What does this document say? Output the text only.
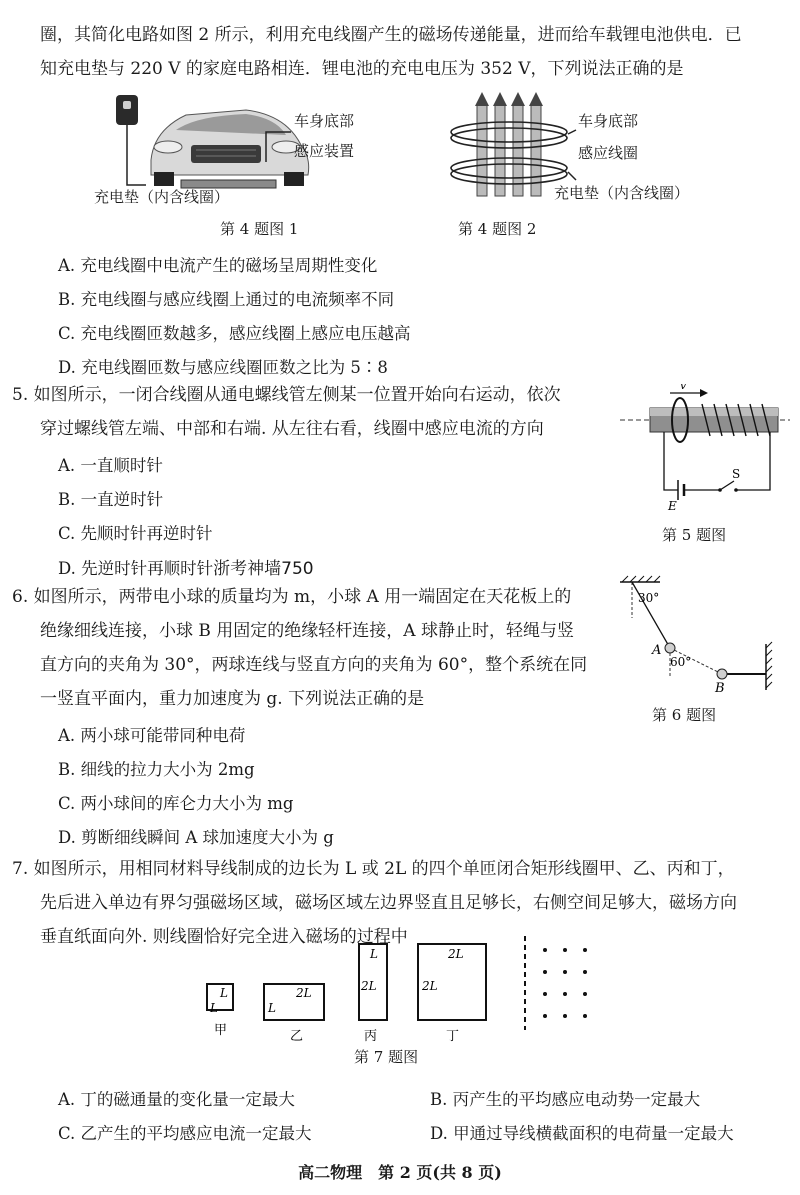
圈，其简化电路如图 2 所示，利用充电线圈产生的磁场传递能量，进而给车载锂电池供电．已
知充电垫与 220 V 的家庭电路相连．锂电池的充电电压为 352 V，下列说法正确的是
车身底部
感应装置
充电垫（内含线圈）
第 4 题图 1
车身底部
感应线圈
充电垫（内含线圈）
第 4 题图 2
A. 充电线圈中电流产生的磁场呈周期性变化
B. 充电线圈与感应线圈上通过的电流频率不同
C. 充电线圈匝数越多，感应线圈上感应电压越高
D. 充电线圈匝数与感应线圈匝数之比为 5∶8
5. 如图所示，一闭合线圈从通电螺线管左侧某一位置开始向右运动，依次
穿过螺线管左端、中部和右端. 从左往右看，线圈中感应电流的方向
A. 一直顺时针
B. 一直逆时针
C. 先顺时针再逆时针
D. 先逆时针再顺时针浙考神墙750
v
E
S
第 5 题图
6. 如图所示，两带电小球的质量均为 m，小球 A 用一端固定在天花板上的
绝缘细线连接，小球 B 用固定的绝缘轻杆连接，A 球静止时，轻绳与竖
直方向的夹角为 30°，两球连线与竖直方向的夹角为 60°，整个系统在同
一竖直平面内，重力加速度为 g. 下列说法正确的是
A. 两小球可能带同种电荷
B. 细线的拉力大小为 2mg
C. 两小球间的库仑力大小为 mg
D. 剪断细线瞬间 A 球加速度大小为 g
30°
60°
A
B
第 6 题图
7. 如图所示，用相同材料导线制成的边长为 L 或 2L 的四个单匝闭合矩形线圈甲、乙、丙和丁，
先后进入单边有界匀强磁场区域，磁场区域左边界竖直且足够长，右侧空间足够大，磁场方向
垂直纸面向外. 则线圈恰好完全进入磁场的过程中
L
L
甲
2L
L
乙
L
2L
丙
2L
2L
丁
第 7 题图
A. 丁的磁通量的变化量一定最大	B. 丙产生的平均感应电动势一定最大
C. 乙产生的平均感应电流一定最大	D. 甲通过导线横截面积的电荷量一定最大
高二物理　第 2 页(共 8 页)
